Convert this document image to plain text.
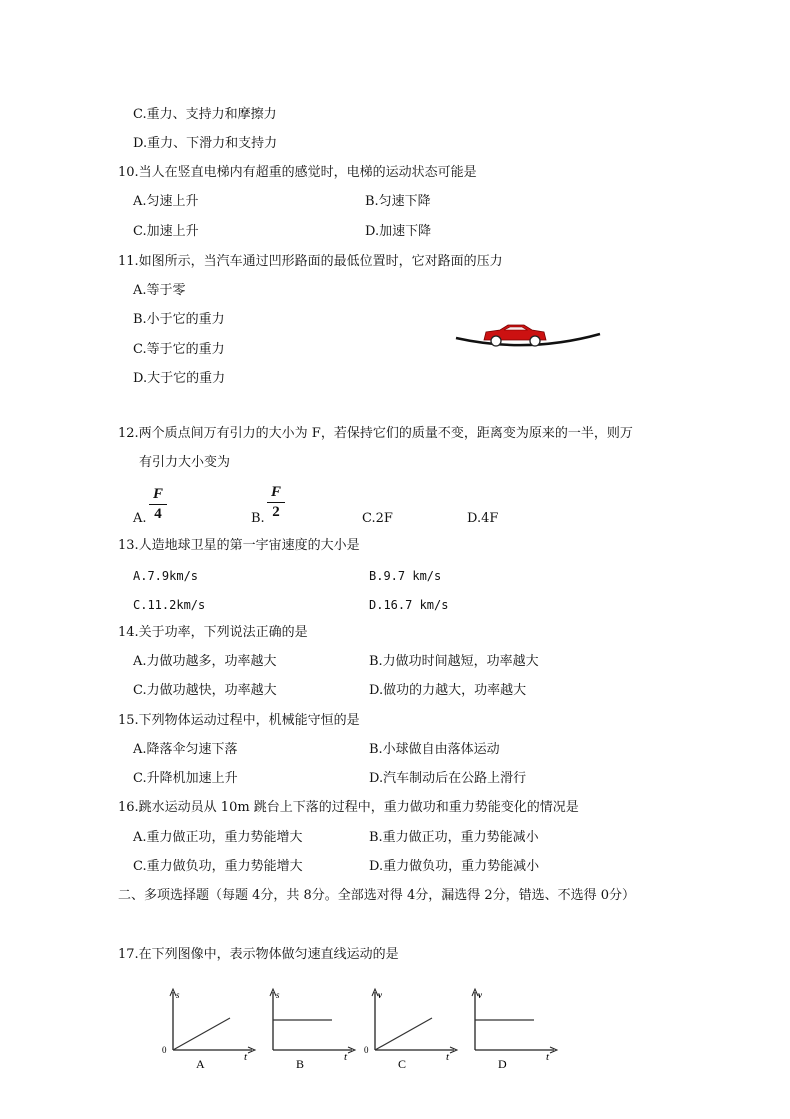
C.重力、支持力和摩擦力
D.重力、下滑力和支持力
10.当人在竖直电梯内有超重的感觉时，电梯的运动状态可能是
A.匀速上升	B.匀速下降
C.加速上升	D.加速下降
11.如图所示，当汽车通过凹形路面的最低位置时，它对路面的压力
A.等于零
B.小于它的重力
C.等于它的重力
D.大于它的重力
12.两个质点间万有引力的大小为 F，若保持它们的质量不变，距离变为原来的一半，则万
有引力大小变为
A.
F
4	B.
F
2	C.2F	D.4F
13.人造地球卫星的第一宇宙速度的大小是
A.7.9km/s	B.9.7 km/s
C.11.2km/s	D.16.7 km/s
14.关于功率，下列说法正确的是
A.力做功越多，功率越大	B.力做功时间越短，功率越大
C.力做功越快，功率越大	D.做功的力越大，功率越大
15.下列物体运动过程中，机械能守恒的是
A.降落伞匀速下落	B.小球做自由落体运动
C.升降机加速上升	D.汽车制动后在公路上滑行
16.跳水运动员从 10m 跳台上下落的过程中，重力做功和重力势能变化的情况是
A.重力做正功，重力势能增大	B.重力做正功，重力势能减小
C.重力做负功，重力势能增大	D.重力做负功，重力势能减小
二、多项选择题（每题 4分，共 8分。全部选对得 4分，漏选得 2分，错选、不选得 0分）
17.在下列图像中，表示物体做匀速直线运动的是
s
t
0
A
s
t
B
v
t
0
C
v
t
D
